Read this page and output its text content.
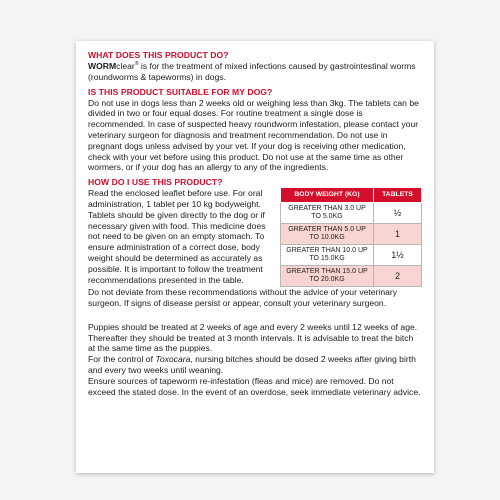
WHAT DOES THIS PRODUCT DO?

WORMclear® is for the treatment of mixed infections caused by gastrointestinal worms (roundworms & tapeworms) in dogs.

IS THIS PRODUCT SUITABLE FOR MY DOG?

Do not use in dogs less than 2 weeks old or weighing less than 3kg. The tablets can be divided in two or four equal doses. For routine treatment a single dose is recommended. In case of suspected heavy roundworm infestation, please contact your veterinary surgeon for diagnosis and treatment recommendation. Do not use in pregnant dogs unless advised by your vet. If your dog is receiving other medication, check with your vet before using this product. Do not use at the same time as other wormers, or if your dog has an allergy to any of the ingredients.

HOW DO I USE THIS PRODUCT?

Read the enclosed leaflet before use. For oral administration, 1 tablet per 10 kg bodyweight. Tablets should be given directly to the dog or if necessary given with food. This medicine does not need to be given on an empty stomach. To ensure administration of a correct dose, body weight should be determined as accurately as possible. It is important to follow the treatment recommendations presented in the table.

BODY WEIGHT (KG)	TABLETS
GREATER THAN 3.0 UP TO 5.0KG	½
GREATER THAN 5.0 UP TO 10.0KG	1
GREATER THAN 10.0 UP TO 15.0KG	1½
GREATER THAN 15.0 UP TO 20.0KG	2

Do not deviate from these recommendations without the advice of your veterinary surgeon. If signs of disease persist or appear, consult your veterinary surgeon.

Puppies should be treated at 2 weeks of age and every 2 weeks until 12 weeks of age. Thereafter they should be treated at 3 month intervals. It is advisable to treat the bitch at the same time as the puppies.

For the control of Toxocara, nursing bitches should be dosed 2 weeks after giving birth and every two weeks until weaning.

Ensure sources of tapeworm re-infestation (fleas and mice) are removed. Do not exceed the stated dose. In the event of an overdose, seek immediate veterinary advice.
